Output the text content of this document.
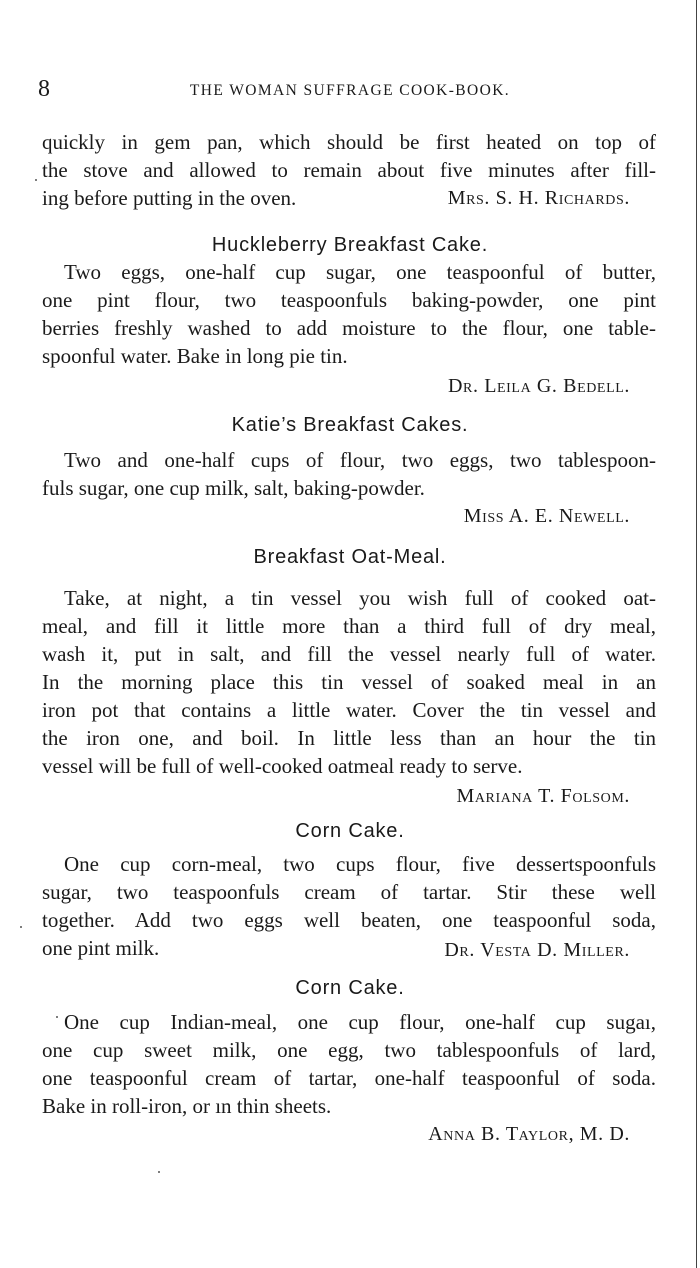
8	THE WOMAN SUFFRAGE COOK-BOOK.

quickly in gem pan, which should be first heated on top of

the stove and allowed to remain about five minutes after fill-

ing before putting in the oven.	Mrs. S. H. Richards.

Huckleberry Breakfast Cake.

Two eggs, one-half cup sugar, one teaspoonful of butter,

one pint flour, two teaspoonfuls baking-powder, one pint

berries freshly washed to add moisture to the flour, one table-

spoonful water. Bake in long pie tin.

Dr. Leila G. Bedell.

Katie’s Breakfast Cakes.

Two and one-half cups of flour, two eggs, two tablespoon-

fuls sugar, one cup milk, salt, baking-powder.

Miss A. E. Newell.

Breakfast Oat-Meal.

Take, at night, a tin vessel you wish full of cooked oat-

meal, and fill it little more than a third full of dry meal,

wash it, put in salt, and fill the vessel nearly full of water.

In the morning place this tin vessel of soaked meal in an

iron pot that contains a little water. Cover the tin vessel and

the iron one, and boil. In little less than an hour the tin

vessel will be full of well-cooked oatmeal ready to serve.

Mariana T. Folsom.

Corn Cake.

One cup corn-meal, two cups flour, five dessertspoonfuls

sugar, two teaspoonfuls cream of tartar. Stir these well

together. Add two eggs well beaten, one teaspoonful soda,

one pint milk.	Dr. Vesta D. Miller.

Corn Cake.

One cup Indian-meal, one cup flour, one-half cup sugaı,

one cup sweet milk, one egg, two tablespoonfuls of lard,

one teaspoonful cream of tartar, one-half teaspoonful of soda.

Bake in roll-iron, or ın thin sheets.

Anna B. Taylor, M. D.
